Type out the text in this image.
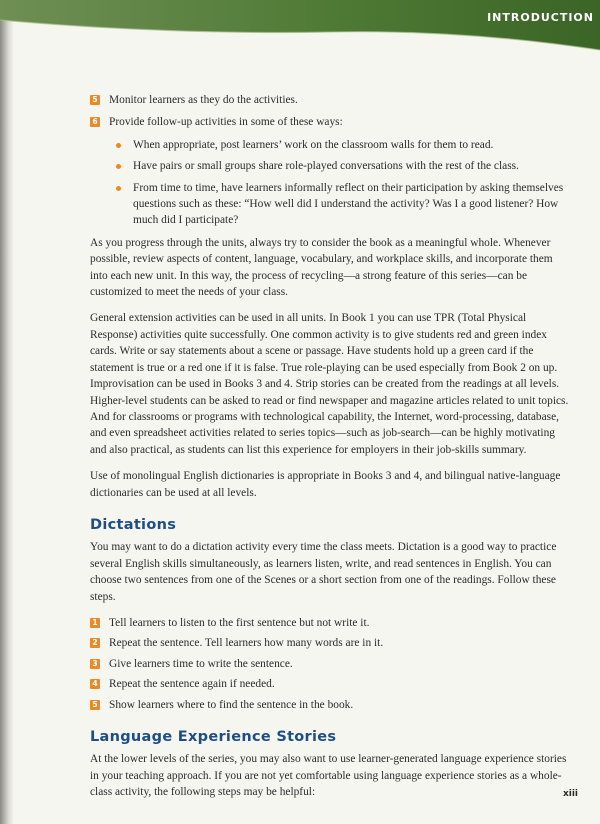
INTRODUCTION
5 Monitor learners as they do the activities.
6 Provide follow-up activities in some of these ways:
When appropriate, post learners’ work on the classroom walls for them to read.
Have pairs or small groups share role-played conversations with the rest of the class.
From time to time, have learners informally reflect on their participation by asking themselves questions such as these: “How well did I understand the activity? Was I a good listener? How much did I participate?

As you progress through the units, always try to consider the book as a meaningful whole. Whenever possible, review aspects of content, language, vocabulary, and workplace skills, and incorporate them into each new unit. In this way, the process of recycling—a strong feature of this series—can be customized to meet the needs of your class.

General extension activities can be used in all units. In Book 1 you can use TPR (Total Physical Response) activities quite successfully. One common activity is to give students red and green index cards. Write or say statements about a scene or passage. Have students hold up a green card if the statement is true or a red one if it is false. True role-playing can be used especially from Book 2 on up. Improvisation can be used in Books 3 and 4. Strip stories can be created from the readings at all levels. Higher-level students can be asked to read or find newspaper and magazine articles related to unit topics. And for classrooms or programs with technological capability, the Internet, word-processing, database, and even spreadsheet activities related to series topics—such as job-search—can be highly motivating and also practical, as students can list this experience for employers in their job-skills summary.

Use of monolingual English dictionaries is appropriate in Books 3 and 4, and bilingual native-language dictionaries can be used at all levels.

Dictations

You may want to do a dictation activity every time the class meets. Dictation is a good way to practice several English skills simultaneously, as learners listen, write, and read sentences in English. You can choose two sentences from one of the Scenes or a short section from one of the readings. Follow these steps.

1 Tell learners to listen to the first sentence but not write it.
2 Repeat the sentence. Tell learners how many words are in it.
3 Give learners time to write the sentence.
4 Repeat the sentence again if needed.
5 Show learners where to find the sentence in the book.
Language Experience Stories

At the lower levels of the series, you may also want to use learner-generated language experience stories in your teaching approach. If you are not yet comfortable using language experience stories as a whole-class activity, the following steps may be helpful:	xiii
